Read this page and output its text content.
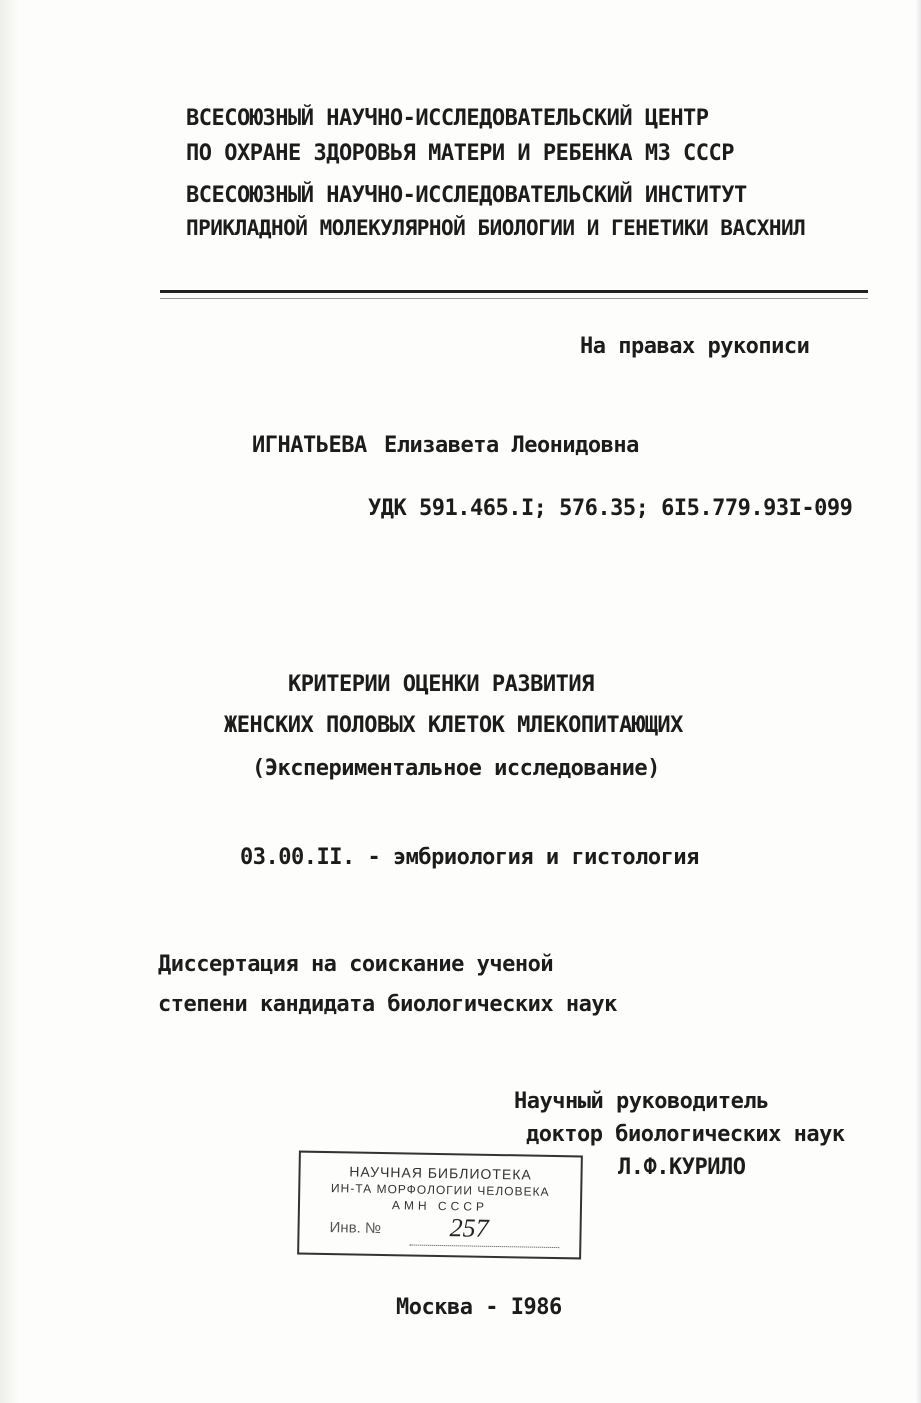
ВСЕСОЮЗНЫЙ НАУЧНО-ИССЛЕДОВАТЕЛЬСКИЙ ЦЕНТР
ПО ОХРАНЕ ЗДОРОВЬЯ МАТЕРИ И РЕБЕНКА МЗ СССР
ВСЕСОЮЗНЫЙ НАУЧНО-ИССЛЕДОВАТЕЛЬСКИЙ ИНСТИТУТ
ПРИКЛАДНОЙ МОЛЕКУЛЯРНОЙ БИОЛОГИИ И ГЕНЕТИКИ ВАСХНИЛ
На правах рукописи
ИГНАТЬЕВА Елизавета Леонидовна
УДК 591.465.I; 576.35; 6I5.779.93I-099
КРИТЕРИИ ОЦЕНКИ РАЗВИТИЯ
ЖЕНСКИХ ПОЛОВЫХ КЛЕТОК МЛЕКОПИТАЮЩИХ
(Экспериментальное исследование)
03.00.II. - эмбриология и гистология
Диссертация на соискание ученой
степени кандидата биологических наук
Научный руководитель
доктор биологических наук
Л.Ф.КУРИЛО
НАУЧНАЯ БИБЛИОТЕКА
ИН-ТА МОРФОЛОГИИ ЧЕЛОВЕКА
АМН СССР
Инв. №	257
Москва - I986
